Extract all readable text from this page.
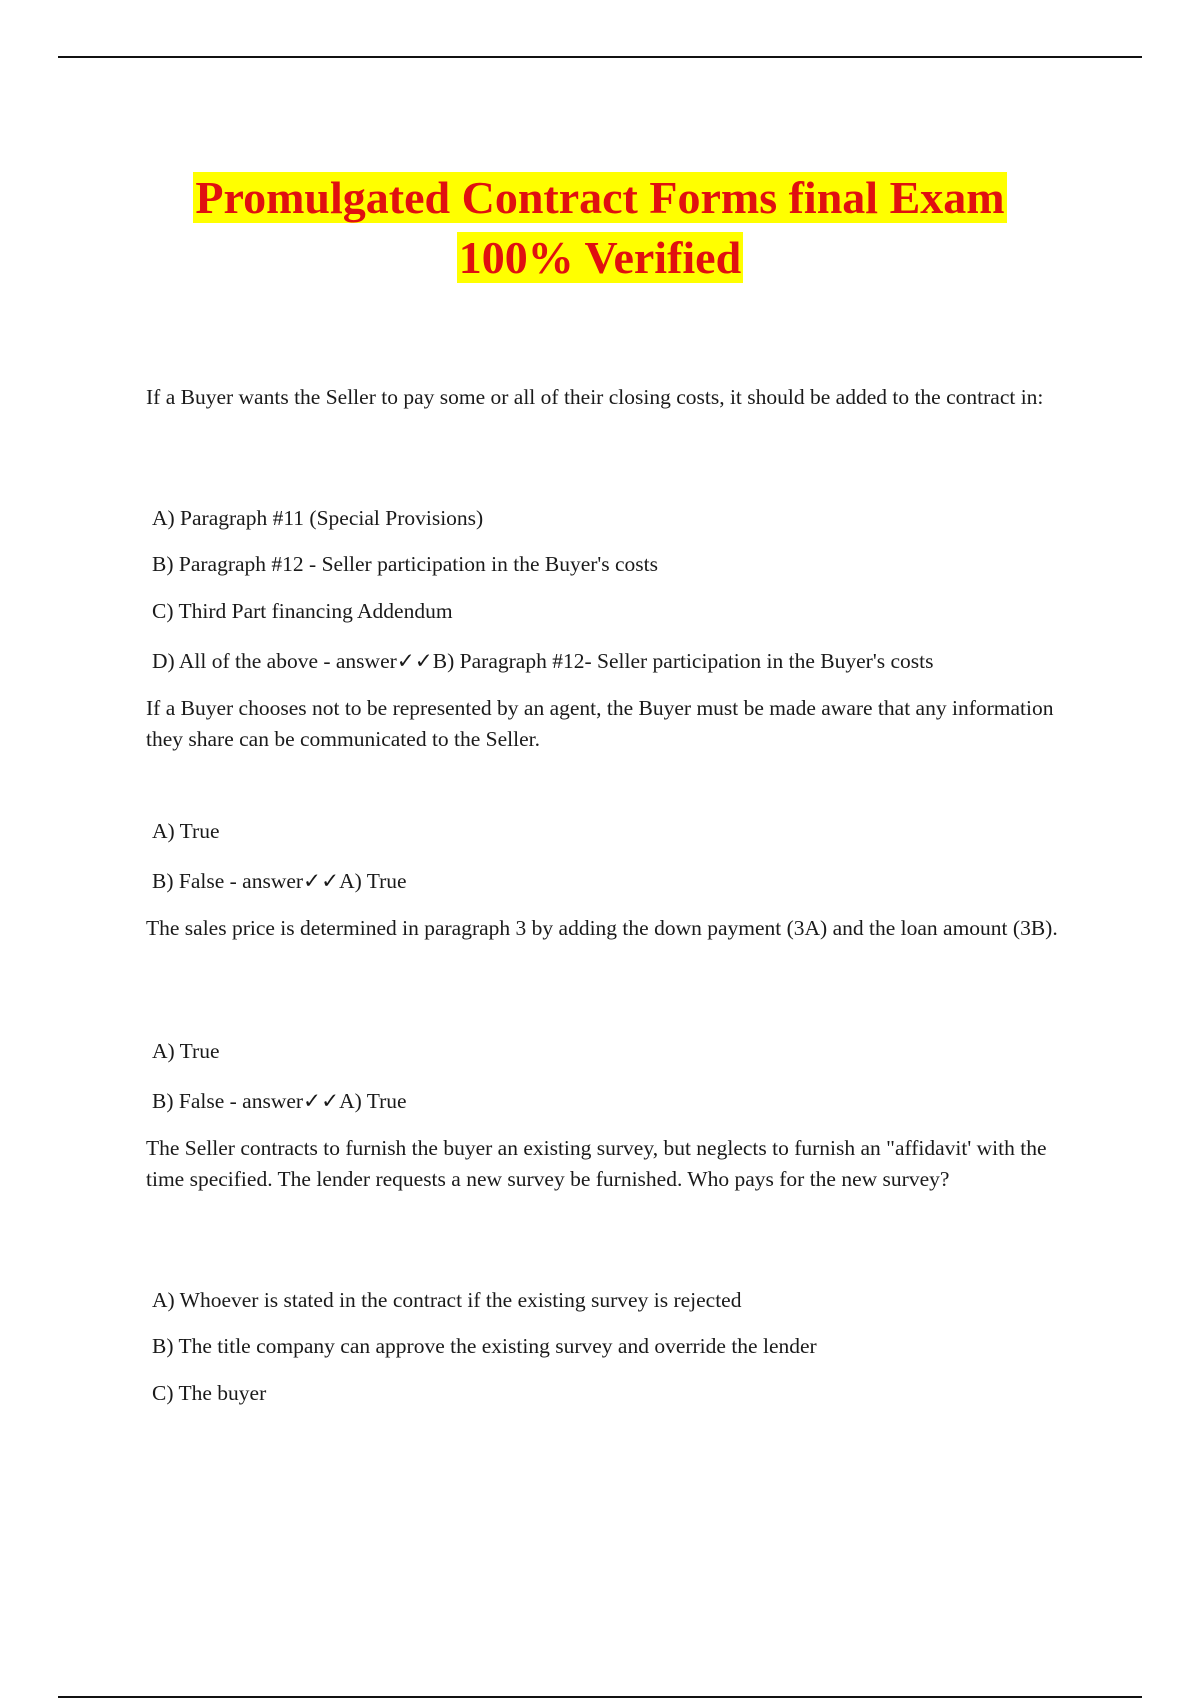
Promulgated Contract Forms final Exam
100% Verified
If a Buyer wants the Seller to pay some or all of their closing costs, it should be added to the contract in:
A) Paragraph #11 (Special Provisions)
B) Paragraph #12 - Seller participation in the Buyer's costs
C) Third Part financing Addendum
D) All of the above - answer✓✓B) Paragraph #12- Seller participation in the Buyer's costs
If a Buyer chooses not to be represented by an agent, the Buyer must be made aware that any information they share can be communicated to the Seller.
A) True
B) False - answer✓✓A) True
The sales price is determined in paragraph 3 by adding the down payment (3A) and the loan amount (3B).
A) True
B) False - answer✓✓A) True
The Seller contracts to furnish the buyer an existing survey, but neglects to furnish an "affidavit' with the time specified. The lender requests a new survey be furnished. Who pays for the new survey?
A) Whoever is stated in the contract if the existing survey is rejected
B) The title company can approve the existing survey and override the lender
C) The buyer
